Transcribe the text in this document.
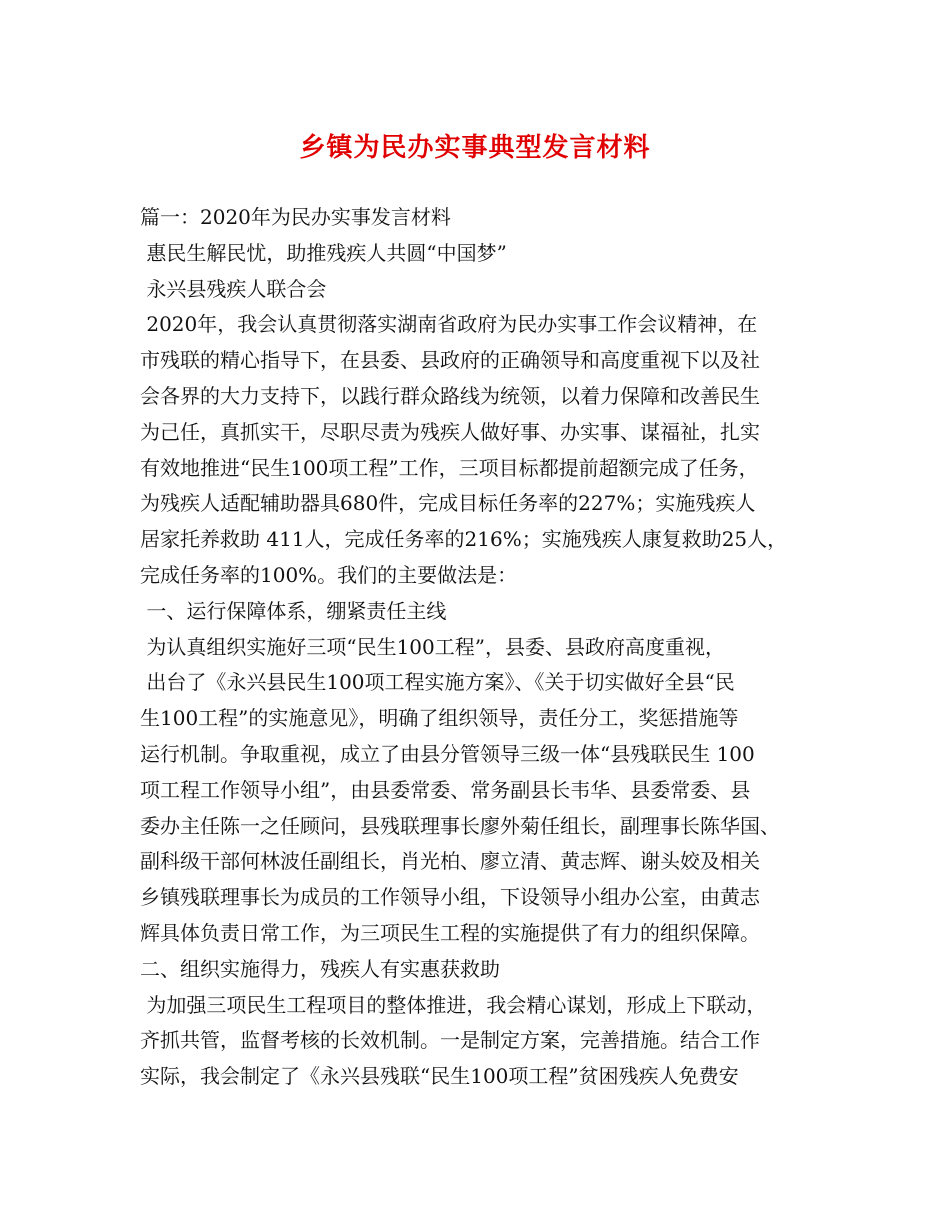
乡镇为民办实事典型发言材料
篇一：2020年为民办实事发言材料
惠民生解民忧，助推残疾人共圆“中国梦”
永兴县残疾人联合会
2020年，我会认真贯彻落实湖南省政府为民办实事工作会议精神，在
市残联的精心指导下，在县委、县政府的正确领导和高度重视下以及社
会各界的大力支持下，以践行群众路线为统领，以着力保障和改善民生
为己任，真抓实干，尽职尽责为残疾人做好事、办实事、谋福祉，扎实
有效地推进“民生100项工程”工作，三项目标都提前超额完成了任务，
为残疾人适配辅助器具680件，完成目标任务率的227%；实施残疾人
居家托养救助 411人，完成任务率的216%；实施残疾人康复救助25人，
完成任务率的100%。我们的主要做法是：
一、运行保障体系，绷紧责任主线
为认真组织实施好三项“民生100工程”，县委、县政府高度重视，
出台了《永兴县民生100项工程实施方案》、《关于切实做好全县“民
生100工程”的实施意见》，明确了组织领导，责任分工，奖惩措施等
运行机制。争取重视，成立了由县分管领导三级一体“县残联民生 100
项工程工作领导小组”，由县委常委、常务副县长韦华、县委常委、县
委办主任陈一之任顾问，县残联理事长廖外菊任组长，副理事长陈华国、
副科级干部何林波任副组长，肖光柏、廖立清、黄志辉、谢头姣及相关
乡镇残联理事长为成员的工作领导小组，下设领导小组办公室，由黄志
辉具体负责日常工作，为三项民生工程的实施提供了有力的组织保障。
二、组织实施得力，残疾人有实惠获救助
为加强三项民生工程项目的整体推进，我会精心谋划，形成上下联动，
齐抓共管，监督考核的长效机制。一是制定方案，完善措施。结合工作
实际，我会制定了《永兴县残联“民生100项工程”贫困残疾人免费安
